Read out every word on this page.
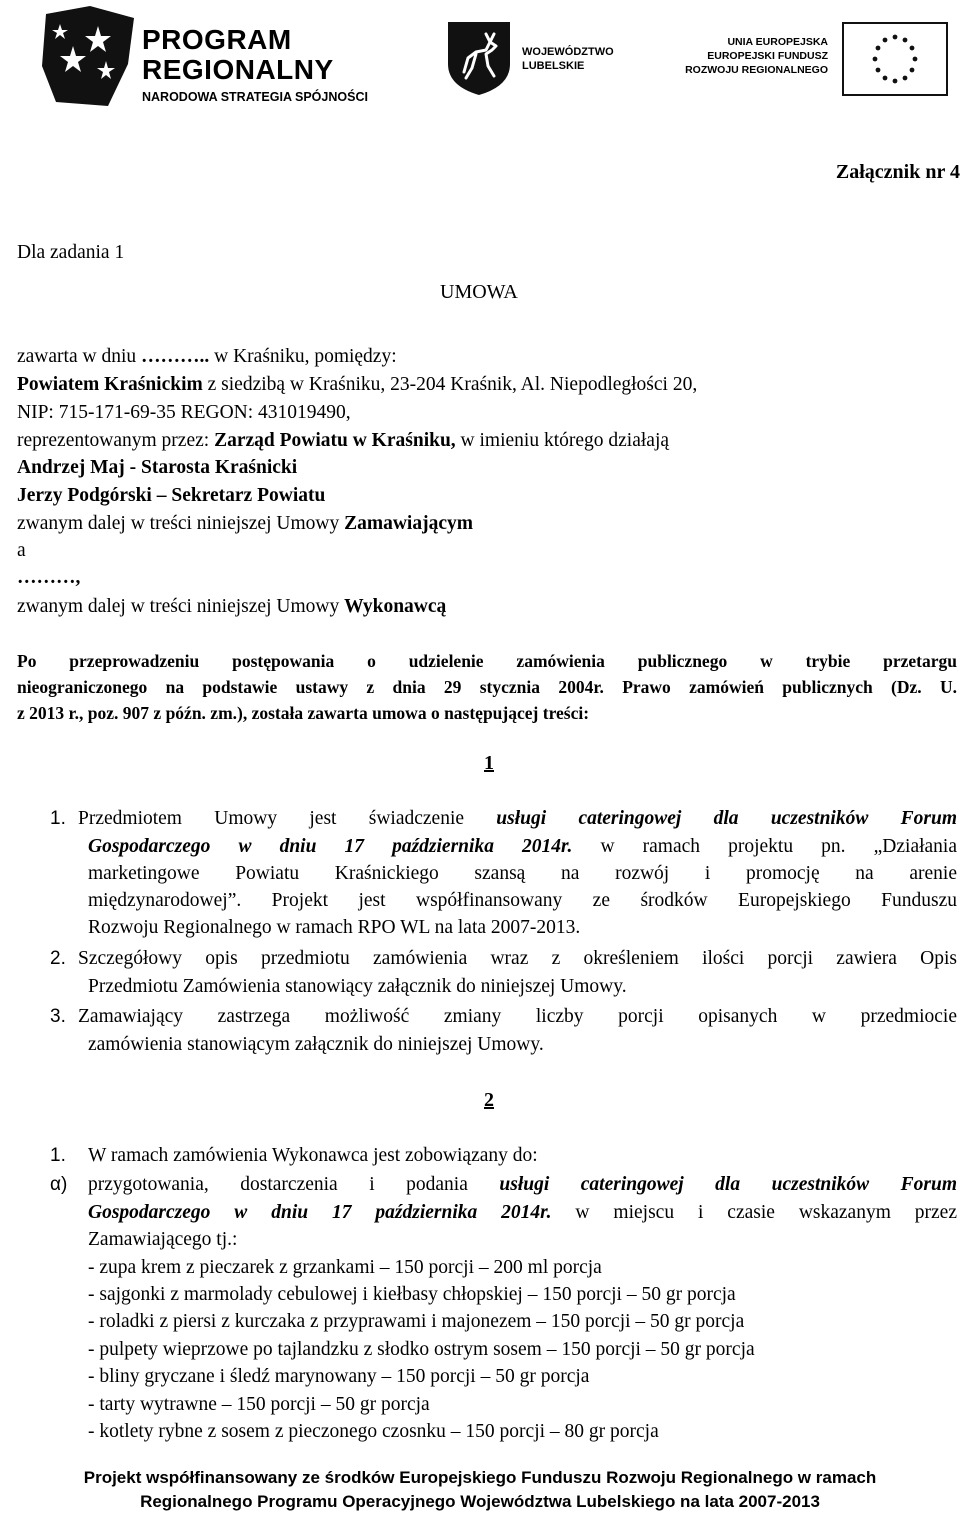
PROGRAM
REGIONALNY
NARODOWA STRATEGIA SPÓJNOŚCI
WOJEWÓDZTWO
LUBELSKIE
UNIA EUROPEJSKA
EUROPEJSKI FUNDUSZ
ROZWOJU REGIONALNEGO
Załącznik nr 4
Dla zadania 1
UMOWA
zawarta w dniu ……….. w Kraśniku, pomiędzy:
Powiatem Kraśnickim z siedzibą w Kraśniku, 23-204 Kraśnik, Al. Niepodległości 20,
NIP: 715-171-69-35 REGON: 431019490,
reprezentowanym przez: Zarząd Powiatu w Kraśniku, w imieniu którego działają
Andrzej Maj - Starosta Kraśnicki
Jerzy Podgórski – Sekretarz Powiatu
zwanym dalej w treści niniejszej Umowy Zamawiającym
a
………,
zwanym dalej w treści niniejszej Umowy Wykonawcą
Po przeprowadzeniu postępowania o udzielenie zamówienia publicznego w trybie przetargu
nieograniczonego na podstawie ustawy z dnia 29 stycznia 2004r. Prawo zamówień publicznych (Dz. U.
z 2013 r., poz. 907 z późn. zm.), została zawarta umowa o następującej treści:
1
1. Przedmiotem Umowy jest świadczenie usługi cateringowej dla uczestników Forum
Gospodarczego w dniu 17 października 2014r. w ramach projektu pn. „Działania
marketingowe Powiatu Kraśnickiego szansą na rozwój i promocję na arenie
międzynarodowej”. Projekt jest współfinansowany ze środków Europejskiego Funduszu
Rozwoju Regionalnego w ramach RPO WL na lata 2007-2013.
2. Szczegółowy opis przedmiotu zamówienia wraz z określeniem ilości porcji zawiera Opis
Przedmiotu Zamówienia stanowiący załącznik do niniejszej Umowy.
3. Zamawiający zastrzega możliwość zmiany liczby porcji opisanych w przedmiocie
zamówienia stanowiącym załącznik do niniejszej Umowy.
2
1. W ramach zamówienia Wykonawca jest zobowiązany do:
α) przygotowania, dostarczenia i podania usługi cateringowej dla uczestników Forum
Gospodarczego w dniu 17 października 2014r. w miejscu i czasie wskazanym przez
Zamawiającego tj.:
- zupa krem z pieczarek z grzankami – 150 porcji – 200 ml porcja
- sajgonki z marmolady cebulowej i kiełbasy chłopskiej – 150 porcji – 50 gr porcja
- roladki z piersi z kurczaka z przyprawami i majonezem – 150 porcji – 50 gr porcja
- pulpety wieprzowe po tajlandzku z słodko ostrym sosem – 150 porcji – 50 gr porcja
- bliny gryczane i śledź marynowany – 150 porcji – 50 gr porcja
- tarty wytrawne – 150 porcji – 50 gr porcja
- kotlety rybne z sosem z pieczonego czosnku – 150 porcji – 80 gr porcja
Projekt współfinansowany ze środków Europejskiego Funduszu Rozwoju Regionalnego w ramach
Regionalnego Programu Operacyjnego Województwa Lubelskiego na lata 2007-2013
